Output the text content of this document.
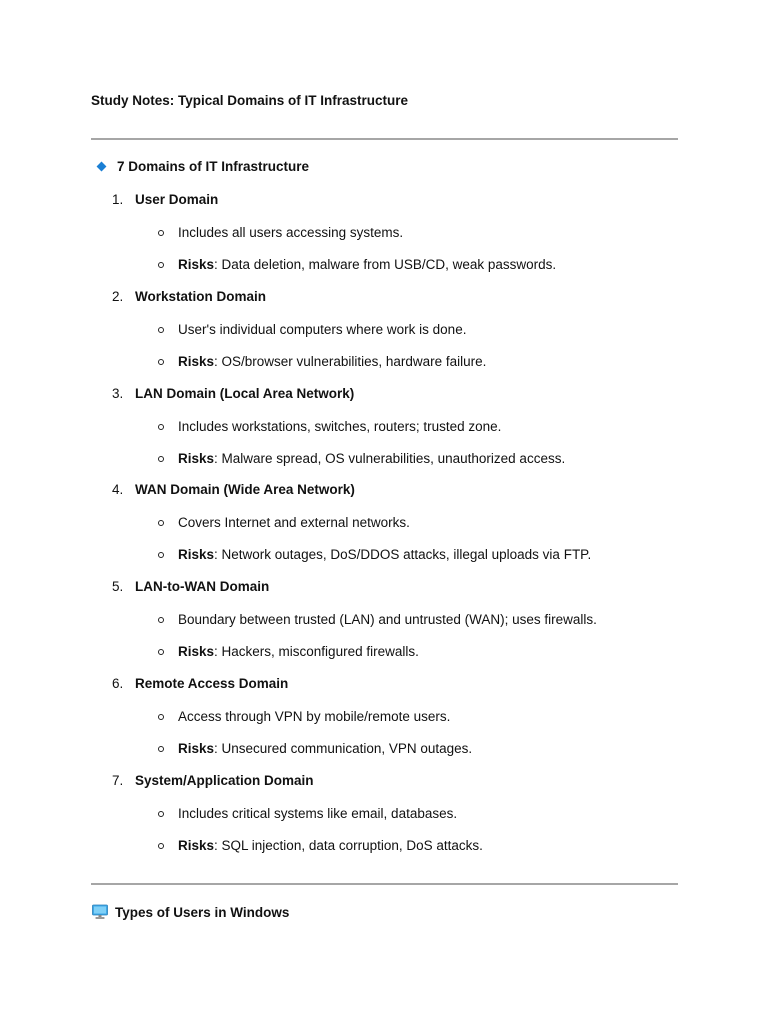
Study Notes: Typical Domains of IT Infrastructure
7 Domains of IT Infrastructure
1. User Domain
Includes all users accessing systems.
Risks: Data deletion, malware from USB/CD, weak passwords.
2. Workstation Domain
User's individual computers where work is done.
Risks: OS/browser vulnerabilities, hardware failure.
3. LAN Domain (Local Area Network)
Includes workstations, switches, routers; trusted zone.
Risks: Malware spread, OS vulnerabilities, unauthorized access.
4. WAN Domain (Wide Area Network)
Covers Internet and external networks.
Risks: Network outages, DoS/DDOS attacks, illegal uploads via FTP.
5. LAN-to-WAN Domain
Boundary between trusted (LAN) and untrusted (WAN); uses firewalls.
Risks: Hackers, misconfigured firewalls.
6. Remote Access Domain
Access through VPN by mobile/remote users.
Risks: Unsecured communication, VPN outages.
7. System/Application Domain
Includes critical systems like email, databases.
Risks: SQL injection, data corruption, DoS attacks.
Types of Users in Windows
